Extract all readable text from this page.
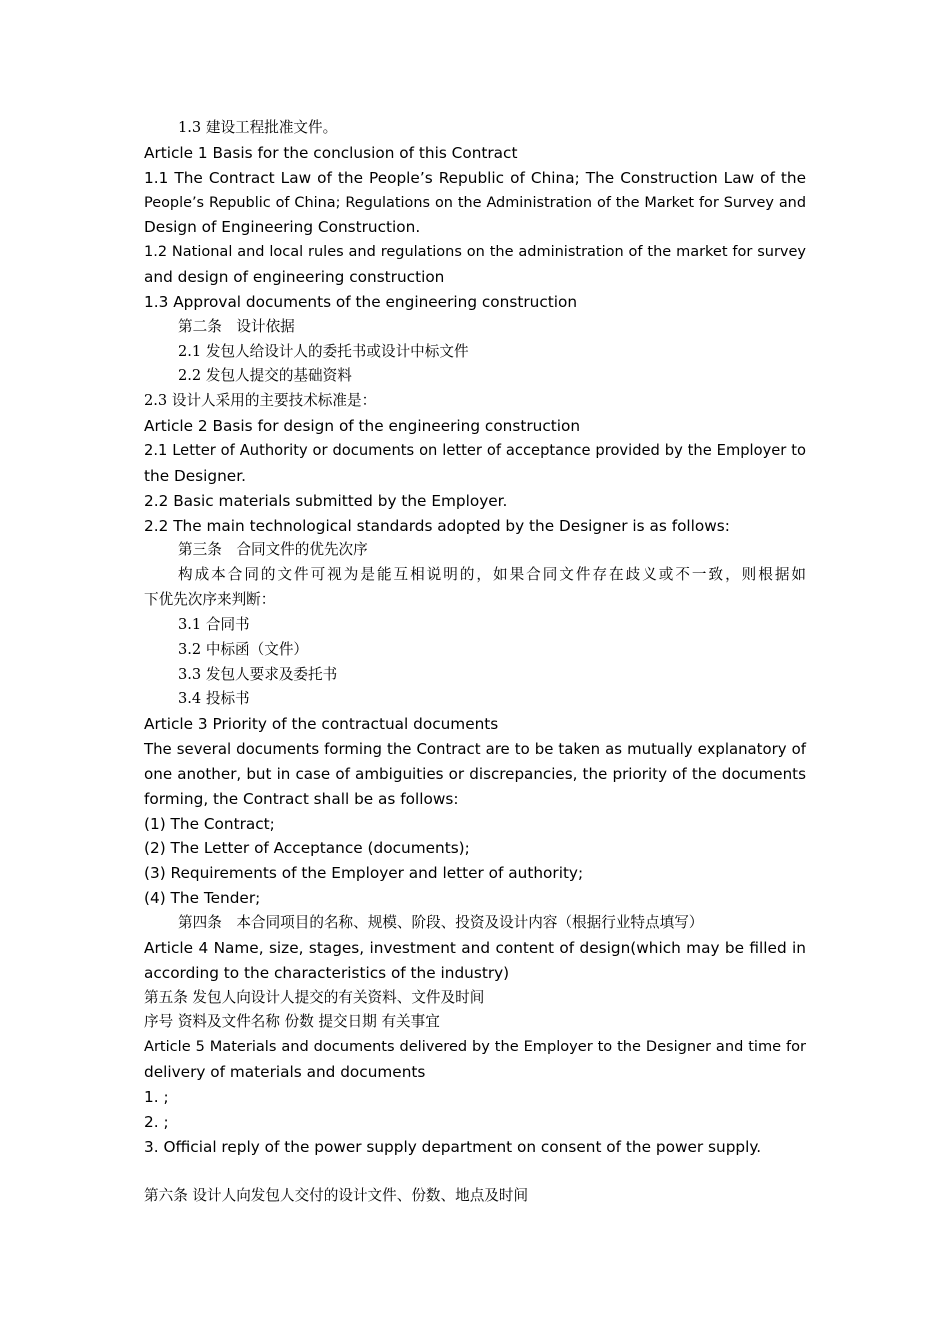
1.3 建设工程批准文件。
Article 1 Basis for the conclusion of this Contract
1.1 The Contract Law of the People’s Republic of China; The Construction Law of the
People’s Republic of China; Regulations on the Administration of the Market for Survey and
Design of Engineering Construction.
1.2 National and local rules and regulations on the administration of the market for survey
and design of engineering construction
1.3 Approval documents of the engineering construction
第二条　设计依据
2.1 发包人给设计人的委托书或设计中标文件
2.2 发包人提交的基础资料
2.3 设计人采用的主要技术标准是：
Article 2 Basis for design of the engineering construction
2.1 Letter of Authority or documents on letter of acceptance provided by the Employer to
the Designer.
2.2 Basic materials submitted by the Employer.
2.2 The main technological standards adopted by the Designer is as follows:
第三条　合同文件的优先次序
构成本合同的文件可视为是能互相说明的，如果合同文件存在歧义或不一致，则根据如
下优先次序来判断：
3.1 合同书
3.2 中标函（文件）
3.3 发包人要求及委托书
3.4 投标书
Article 3 Priority of the contractual documents
The several documents forming the Contract are to be taken as mutually explanatory of
one another, but in case of ambiguities or discrepancies, the priority of the documents
forming, the Contract shall be as follows:
(1) The Contract;
(2) The Letter of Acceptance (documents);
(3) Requirements of the Employer and letter of authority;
(4) The Tender;
第四条　本合同项目的名称、规模、阶段、投资及设计内容（根据行业特点填写）
Article 4 Name, size, stages, investment and content of design(which may be filled in
according to the characteristics of the industry)
第五条 发包人向设计人提交的有关资料、文件及时间
序号 资料及文件名称 份数 提交日期 有关事宜
Article 5 Materials and documents delivered by the Employer to the Designer and time for
delivery of materials and documents
1. ;
2. ;
3. Official reply of the power supply department on consent of the power supply.
第六条 设计人向发包人交付的设计文件、份数、地点及时间
